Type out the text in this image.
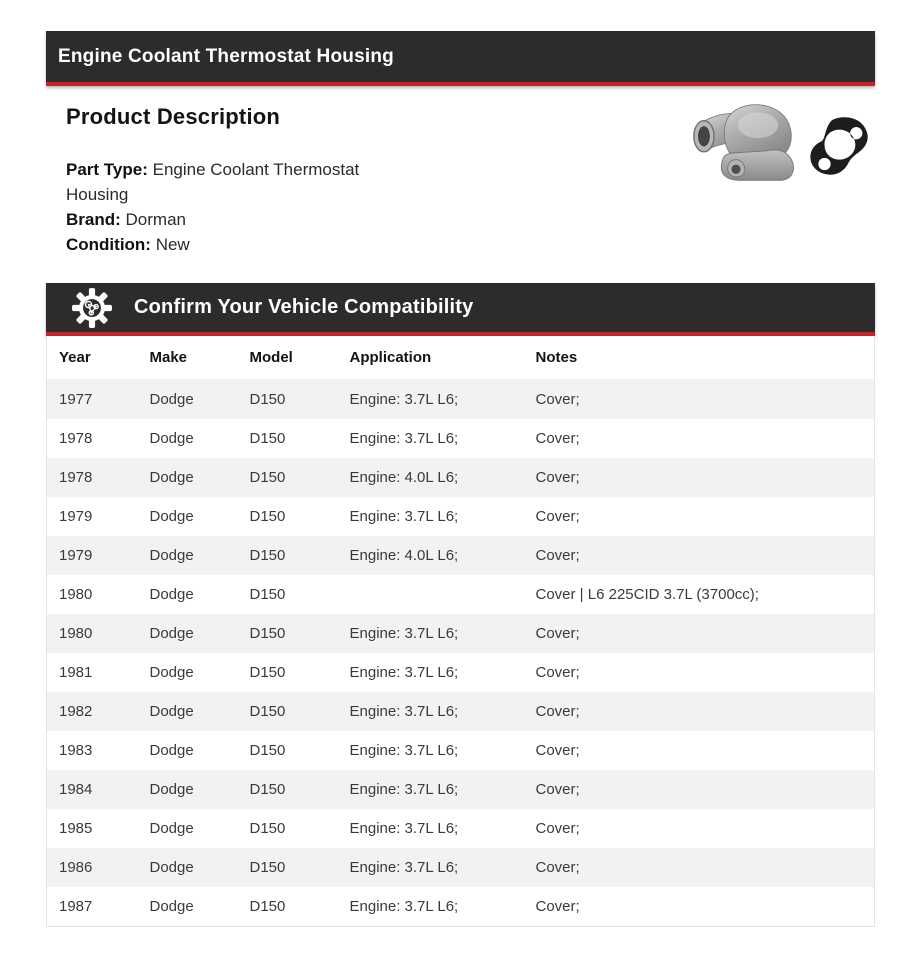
Engine Coolant Thermostat Housing
Product Description

Part Type: Engine Coolant Thermostat Housing

Brand: Dorman

Condition: New

Confirm Your Vehicle Compatibility
Year	Make	Model	Application	Notes
1977	Dodge	D150	Engine: 3.7L L6;	Cover;
1978	Dodge	D150	Engine: 3.7L L6;	Cover;
1978	Dodge	D150	Engine: 4.0L L6;	Cover;
1979	Dodge	D150	Engine: 3.7L L6;	Cover;
1979	Dodge	D150	Engine: 4.0L L6;	Cover;
1980	Dodge	D150		Cover | L6 225CID 3.7L (3700cc);
1980	Dodge	D150	Engine: 3.7L L6;	Cover;
1981	Dodge	D150	Engine: 3.7L L6;	Cover;
1982	Dodge	D150	Engine: 3.7L L6;	Cover;
1983	Dodge	D150	Engine: 3.7L L6;	Cover;
1984	Dodge	D150	Engine: 3.7L L6;	Cover;
1985	Dodge	D150	Engine: 3.7L L6;	Cover;
1986	Dodge	D150	Engine: 3.7L L6;	Cover;
1987	Dodge	D150	Engine: 3.7L L6;	Cover;
